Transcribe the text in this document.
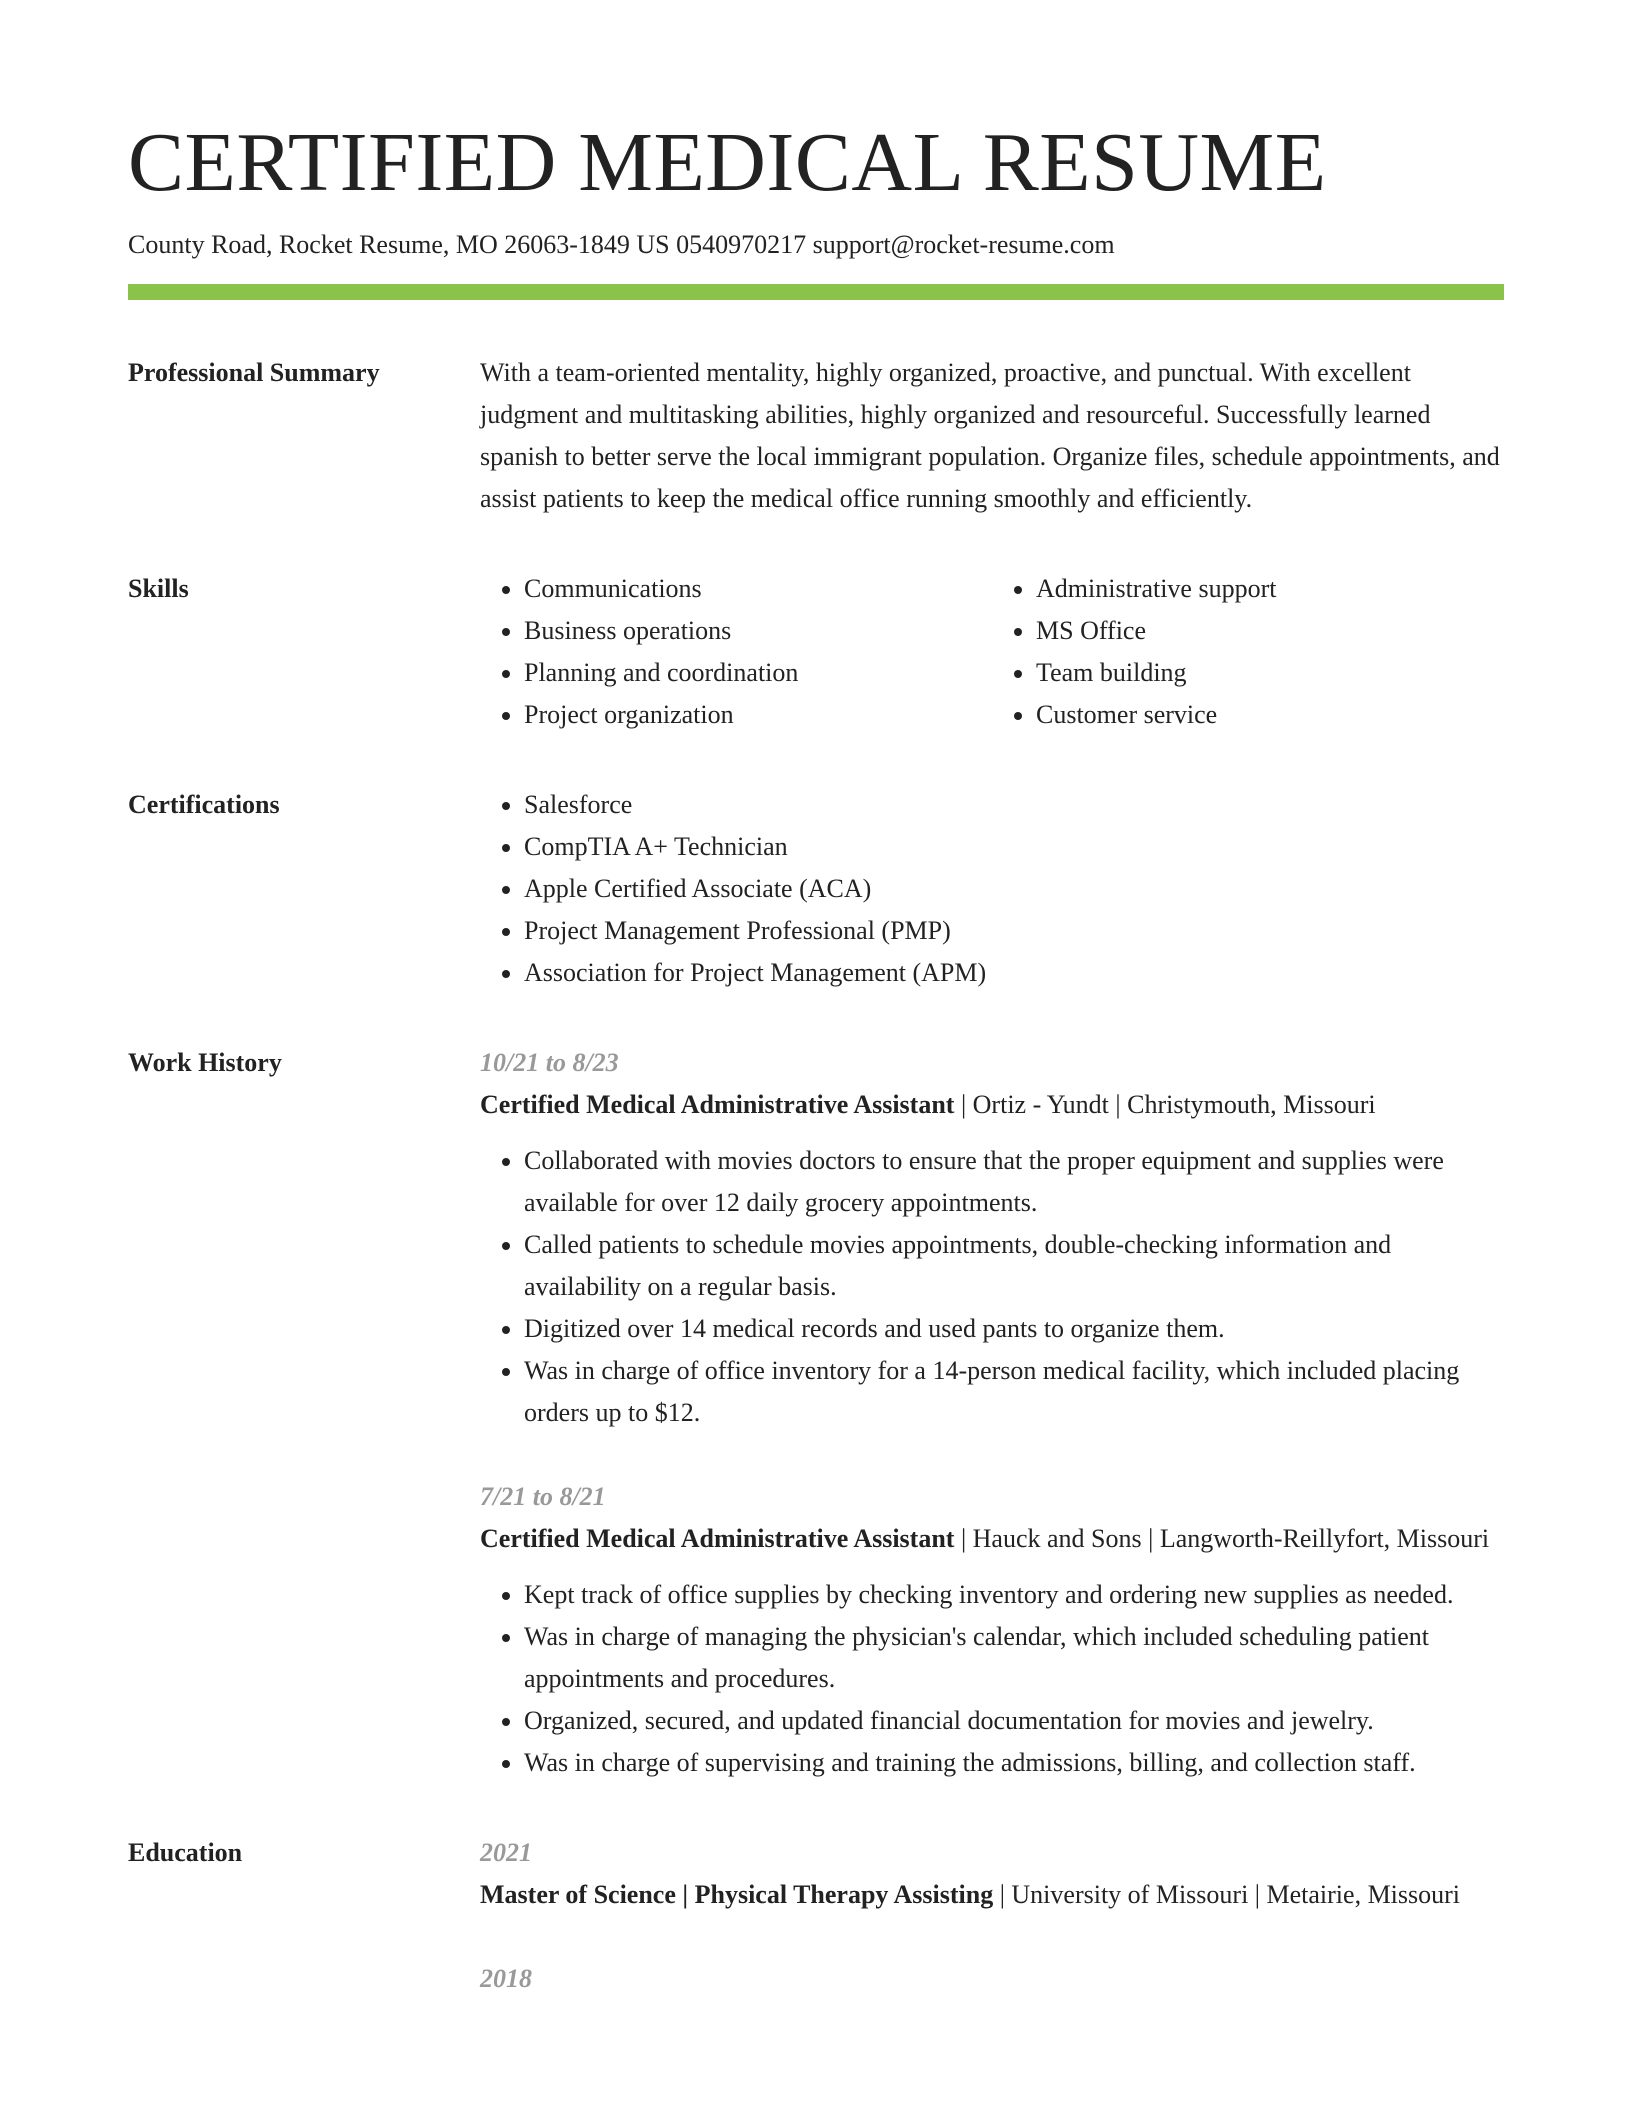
CERTIFIED MEDICAL RESUME
County Road, Rocket Resume, MO 26063-1849 US 0540970217 support@rocket-resume.com
Professional Summary	With a team-oriented mentality, highly organized, proactive, and punctual. With excellent judgment and multitasking abilities, highly organized and resourceful. Successfully learned spanish to better serve the local immigrant population. Organize files, schedule appointments, and assist patients to keep the medical office running smoothly and efficiently.

Skills	• Communications
• Business operations
• Planning and coordination
• Project organization
• Administrative support
• MS Office
• Team building
• Customer service
Certifications	• Salesforce
• CompTIA A+ Technician
• Apple Certified Associate (ACA)
• Project Management Professional (PMP)
• Association for Project Management (APM)
Work History	10/21 to 8/23
Certified Medical Administrative Assistant | Ortiz - Yundt | Christymouth, Missouri
• Collaborated with movies doctors to ensure that the proper equipment and supplies were available for over 12 daily grocery appointments.
• Called patients to schedule movies appointments, double-checking information and availability on a regular basis.
• Digitized over 14 medical records and used pants to organize them.
• Was in charge of office inventory for a 14-person medical facility, which included placing orders up to $12.
7/21 to 8/21
Certified Medical Administrative Assistant | Hauck and Sons | Langworth-Reillyfort, Missouri
• Kept track of office supplies by checking inventory and ordering new supplies as needed.
• Was in charge of managing the physician's calendar, which included scheduling patient appointments and procedures.
• Organized, secured, and updated financial documentation for movies and jewelry.
• Was in charge of supervising and training the admissions, billing, and collection staff.
Education	2021
Master of Science | Physical Therapy Assisting | University of Missouri | Metairie, Missouri
2018
